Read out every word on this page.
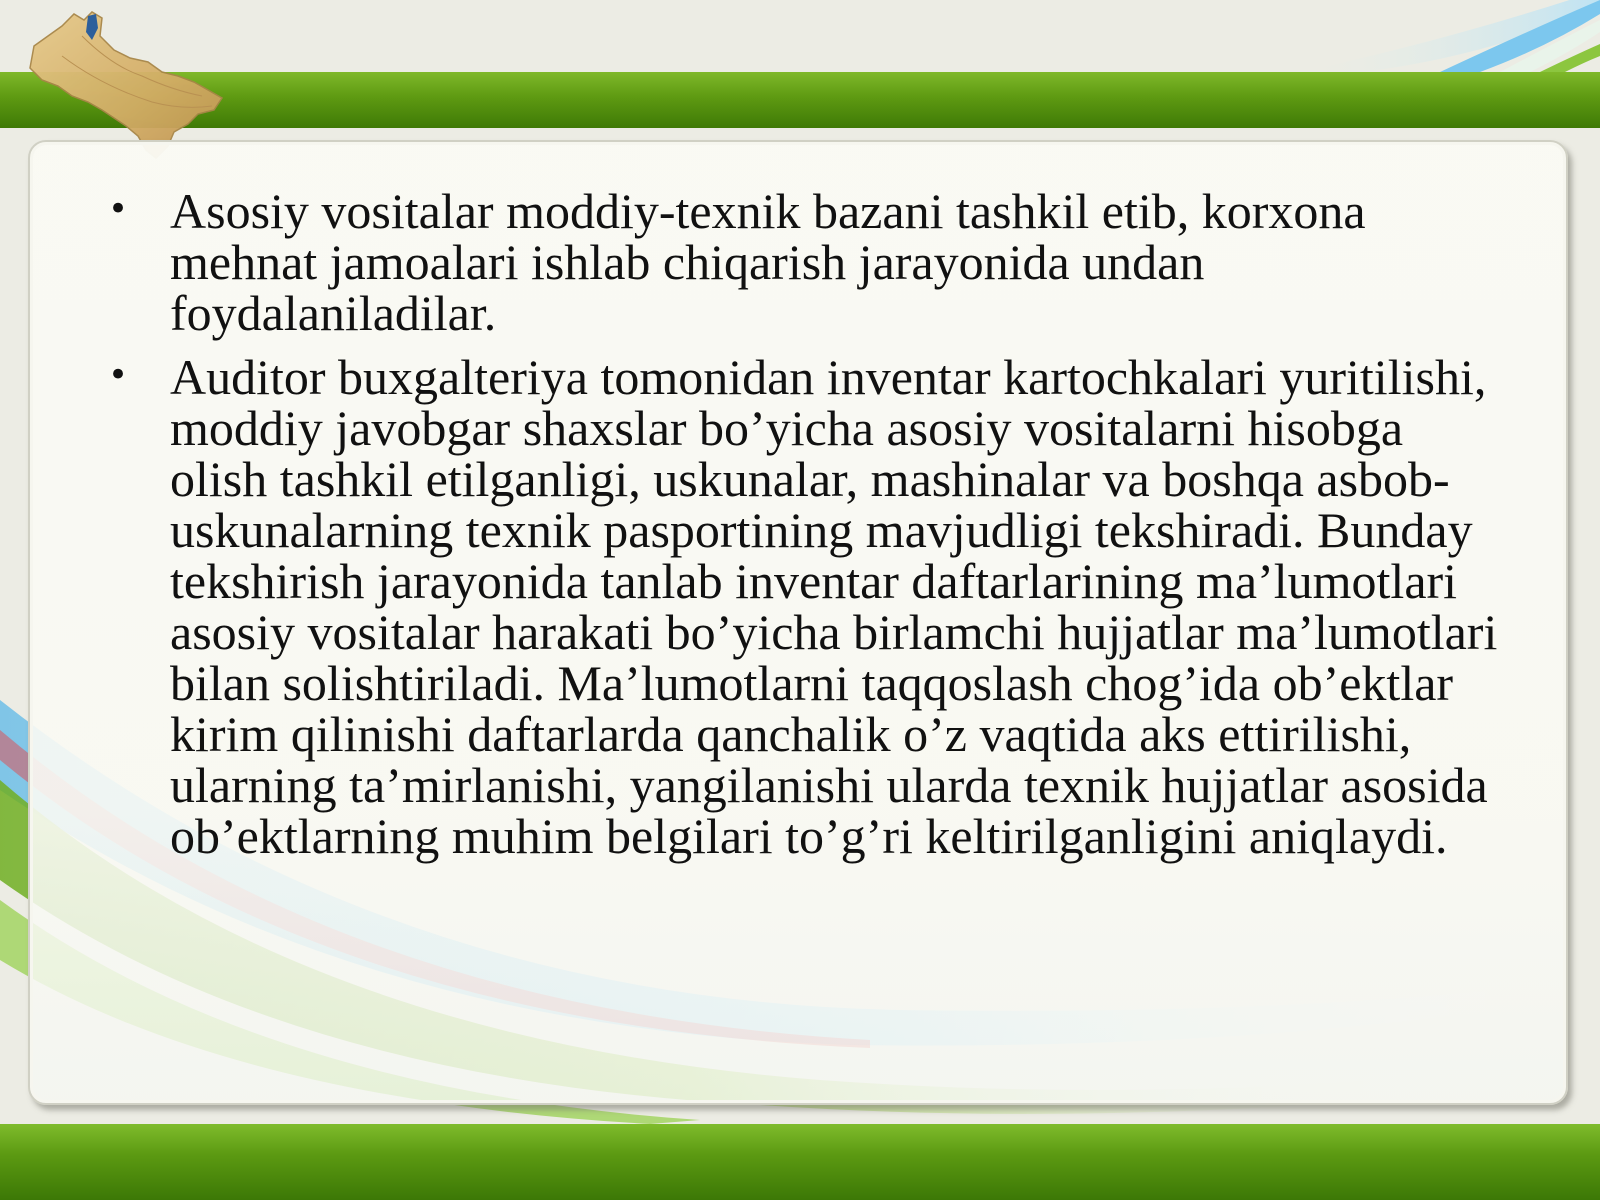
• Asosiy vositalar moddiy-texnik bazani tashkil etib, korxona mehnat jamoalari ishlab chiqarish jarayonida undan foydalaniladilar.
• Auditor buxgalteriya tomonidan inventar kartochkalari yuritilishi, moddiy javobgar shaxslar bo’yicha asosiy vositalarni hisobga olish tashkil etilganligi, uskunalar, mashinalar va boshqa asbob-uskunalarning texnik pasportining mavjudligi tekshiradi. Bunday tekshirish jarayonida tanlab inventar daftarlarining ma’lumotlari asosiy vositalar harakati bo’yicha birlamchi hujjatlar ma’lumotlari bilan solishtiriladi. Ma’lumotlarni taqqoslash chog’ida ob’ektlar kirim qilinishi daftarlarda qanchalik o’z vaqtida aks ettirilishi, ularning ta’mirlanishi, yangilanishi ularda texnik hujjatlar asosida ob’ektlarning muhim belgilari to’g’ri keltirilganligini aniqlaydi.
